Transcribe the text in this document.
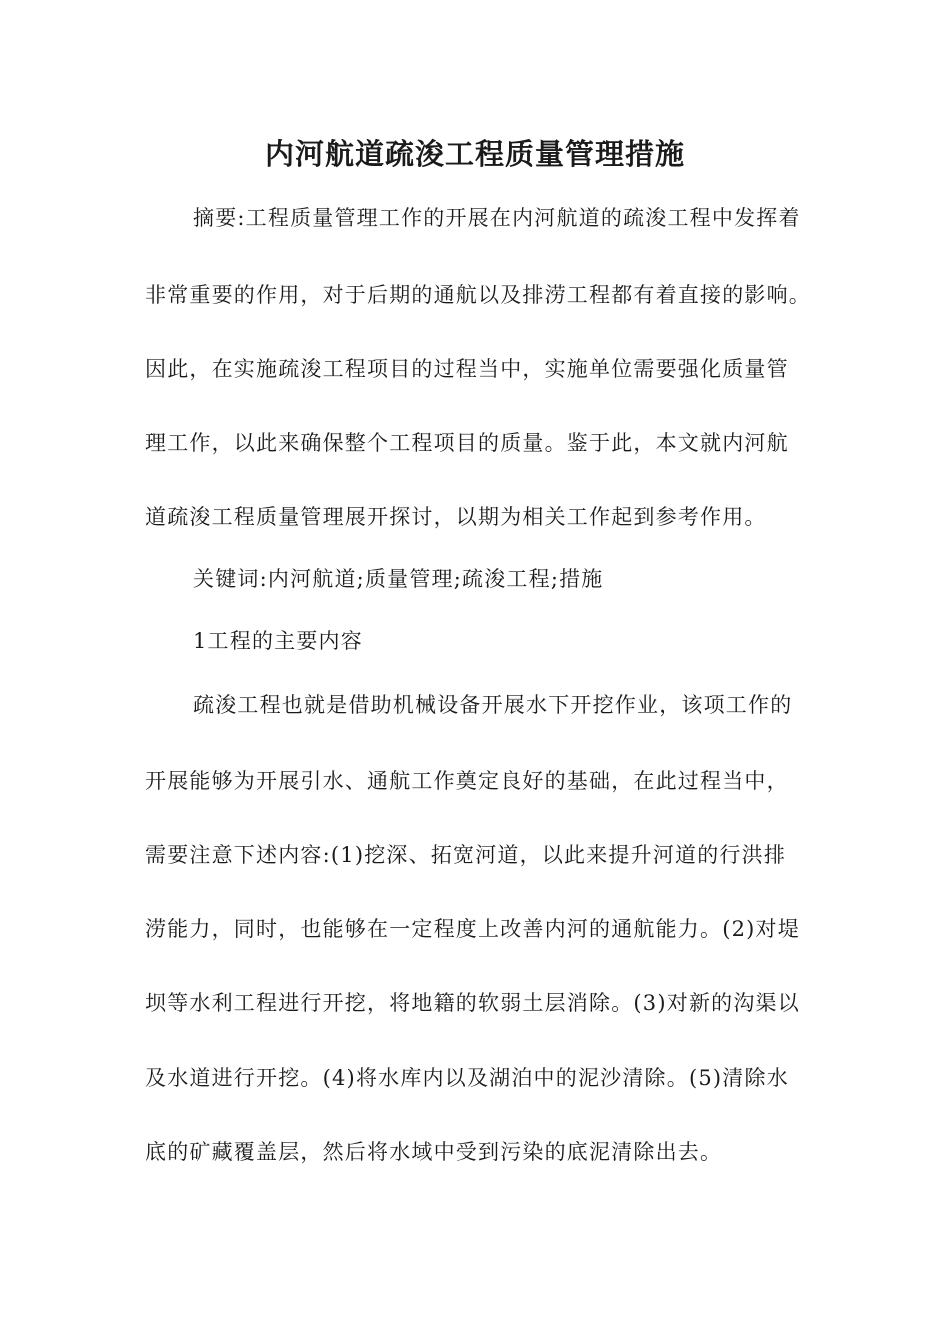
内河航道疏浚工程质量管理措施
摘要:工程质量管理工作的开展在内河航道的疏浚工程中发挥着
非常重要的作用，对于后期的通航以及排涝工程都有着直接的影响。
因此，在实施疏浚工程项目的过程当中，实施单位需要强化质量管
理工作，以此来确保整个工程项目的质量。鉴于此，本文就内河航
道疏浚工程质量管理展开探讨，以期为相关工作起到参考作用。
关键词:内河航道;质量管理;疏浚工程;措施
1工程的主要内容
疏浚工程也就是借助机械设备开展水下开挖作业，该项工作的
开展能够为开展引水、通航工作奠定良好的基础，在此过程当中，
需要注意下述内容:(1)挖深、拓宽河道，以此来提升河道的行洪排
涝能力，同时，也能够在一定程度上改善内河的通航能力。(2)对堤
坝等水利工程进行开挖，将地籍的软弱土层消除。(3)对新的沟渠以
及水道进行开挖。(4)将水库内以及湖泊中的泥沙清除。(5)清除水
底的矿藏覆盖层，然后将水域中受到污染的底泥清除出去。
